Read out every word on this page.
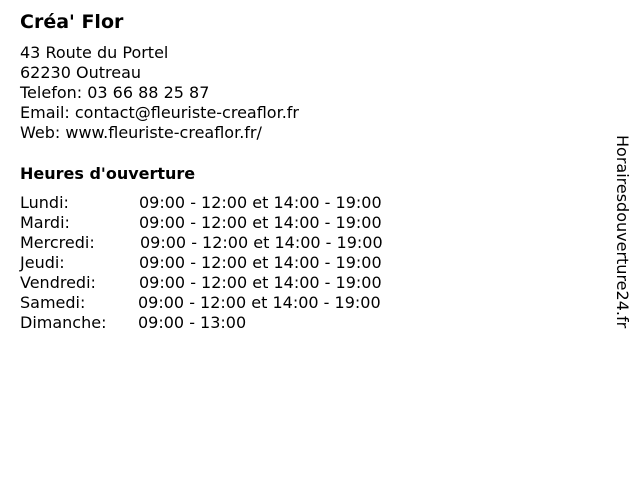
Créa' Flor
43 Route du Portel
62230 Outreau
Telefon: 03 66 88 25 87
Email: contact@fleuriste-creaflor.fr
Web: www.fleuriste-creaflor.fr/
Heures d'ouverture
Lundi:	09:00 - 12:00 et 14:00 - 19:00
Mardi:	09:00 - 12:00 et 14:00 - 19:00
Mercredi:	09:00 - 12:00 et 14:00 - 19:00
Jeudi:	09:00 - 12:00 et 14:00 - 19:00
Vendredi:	09:00 - 12:00 et 14:00 - 19:00
Samedi:	09:00 - 12:00 et 14:00 - 19:00
Dimanche: 09:00 - 13:00	Horairesdouverture24.fr
